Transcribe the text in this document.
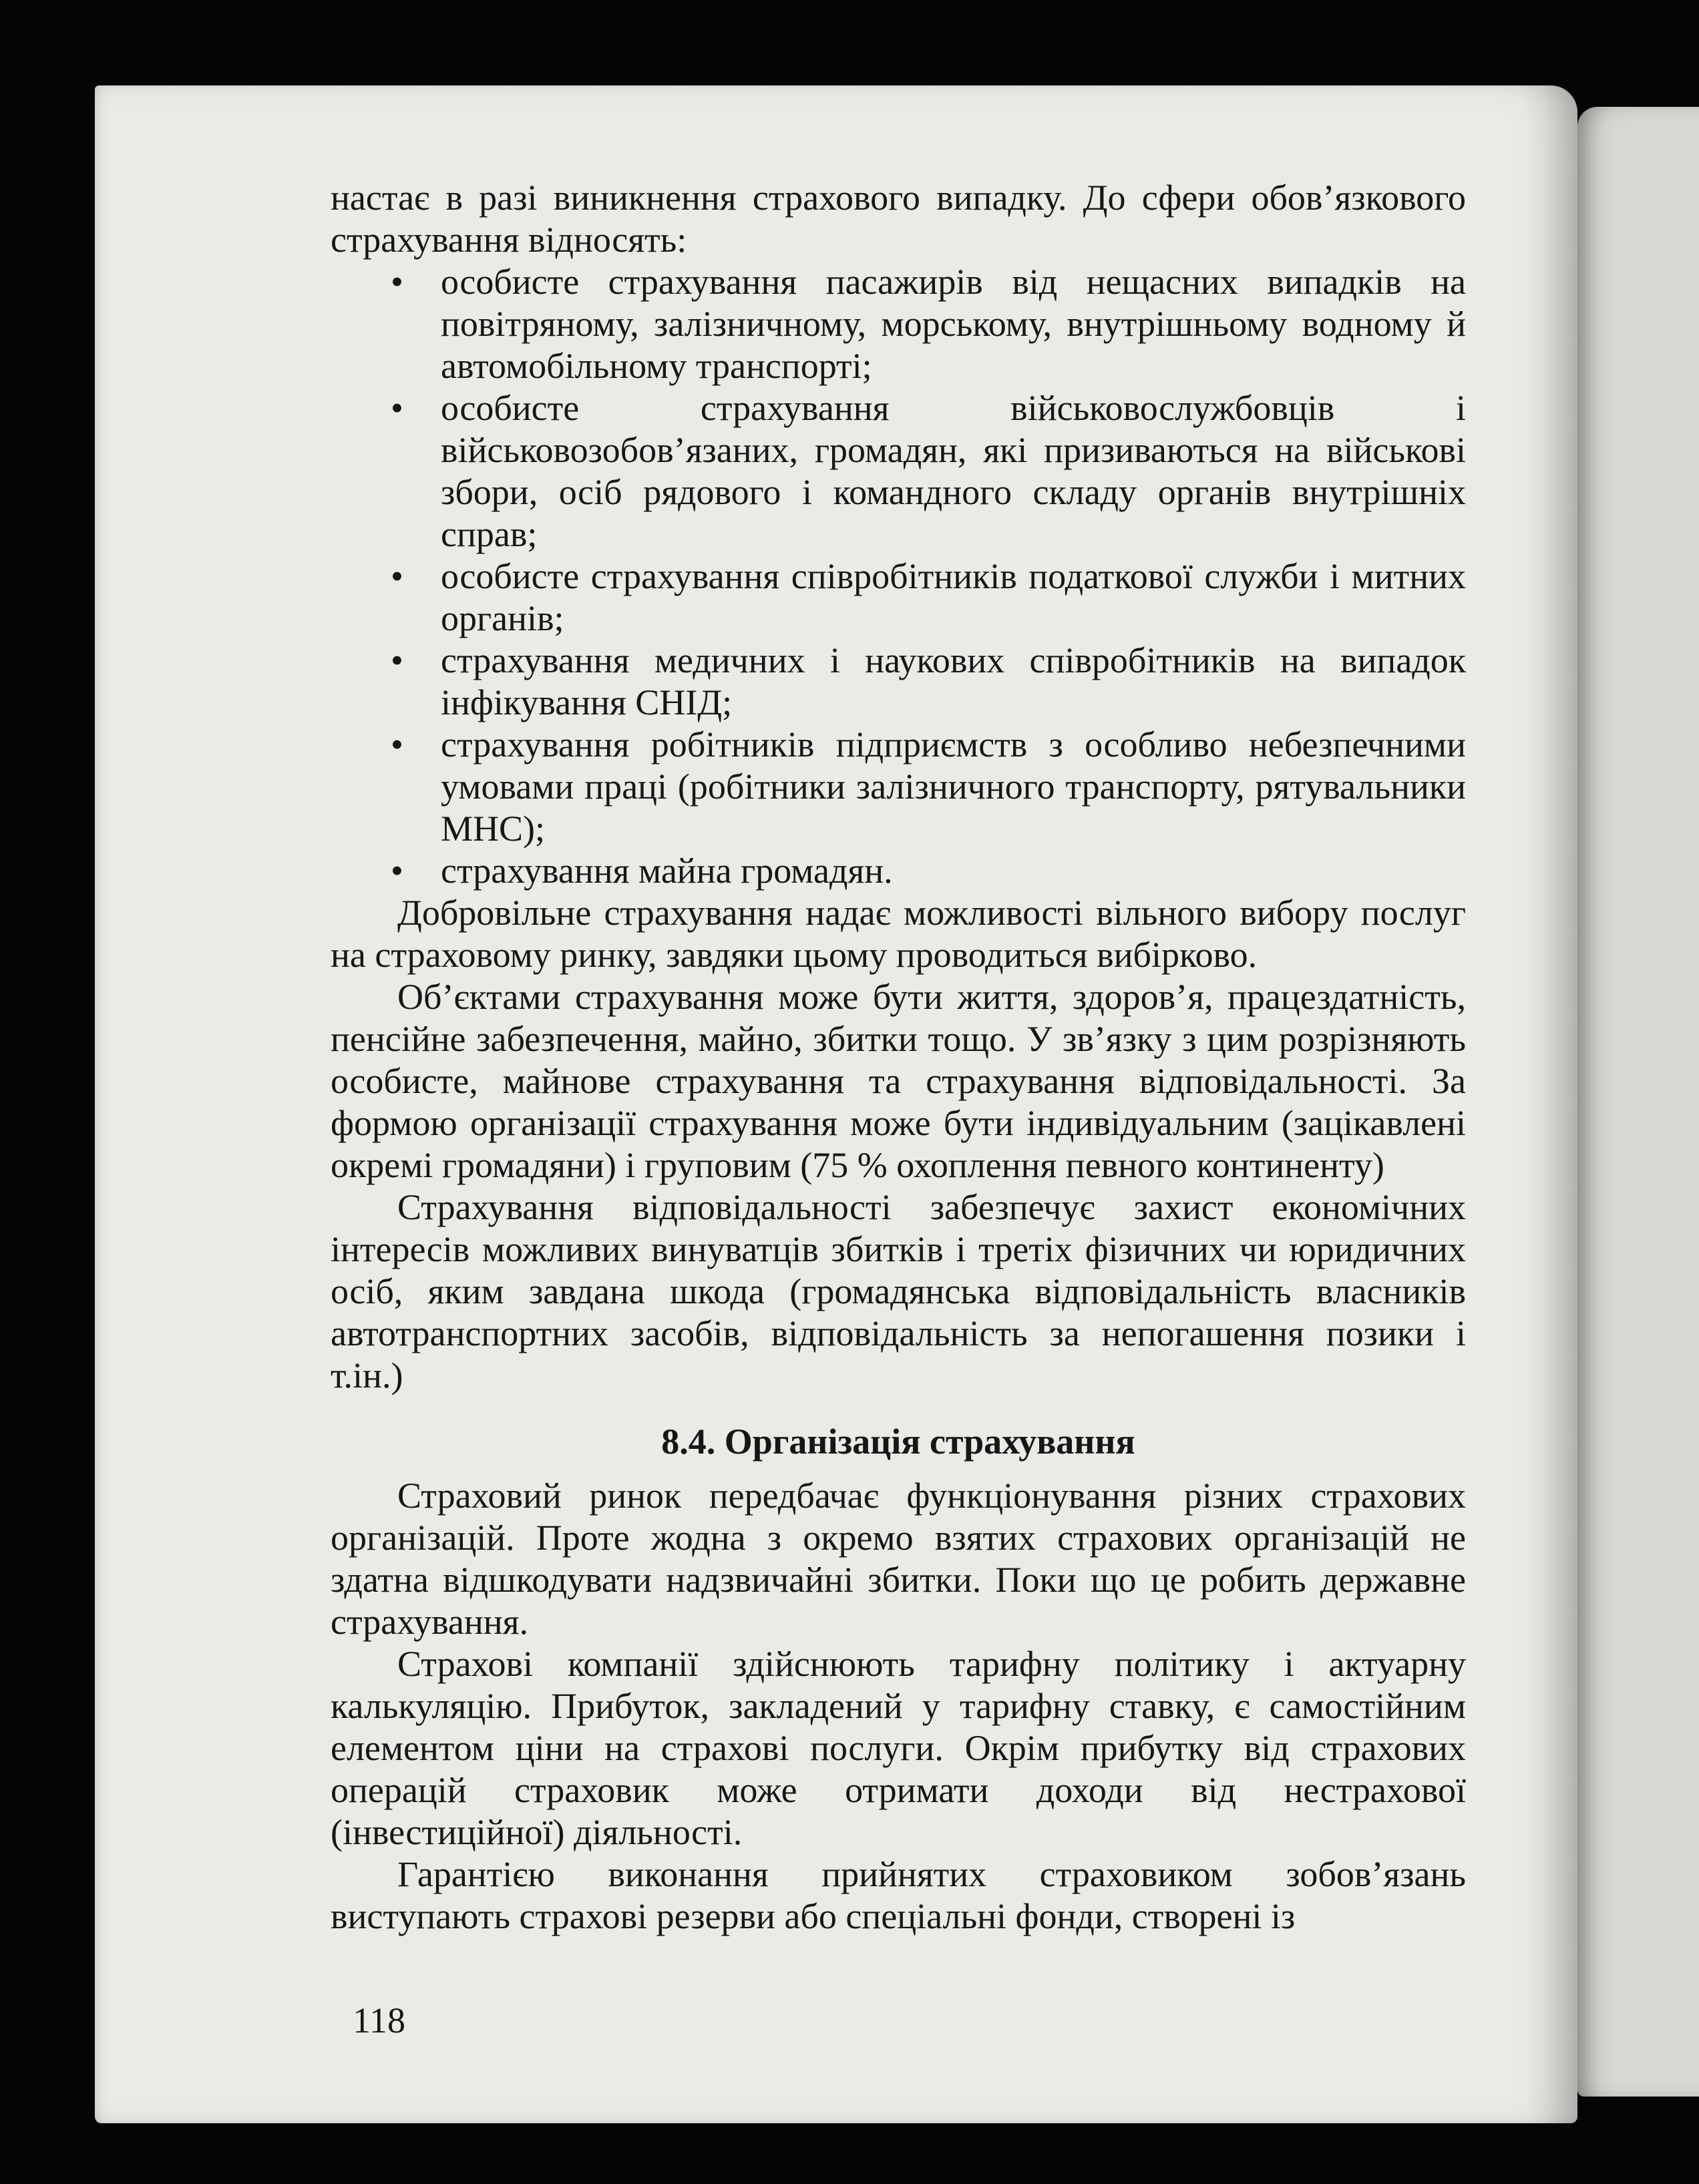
настає в разі виникнення страхового випадку. До сфери обов’язкового страхування відносять:

• особисте страхування пасажирів від нещасних випадків на повітряному, залізничному, морському, внутрішньому водному й автомобільному транспорті;
• особисте страхування військовослужбовців і військовозобов’язаних, громадян, які призиваються на військові збори, осіб рядового і командного складу органів внутрішніх справ;
• особисте страхування співробітників податкової служби і митних органів;
• страхування медичних і наукових співробітників на випадок інфікування СНІД;
• страхування робітників підприємств з особливо небезпечними умовами праці (робітники залізничного транспорту, рятувальники МНС);
• страхування майна громадян.

Добровільне страхування надає можливості вільного вибору послуг на страховому ринку, завдяки цьому проводиться вибірково.

Об’єктами страхування може бути життя, здоров’я, працездатність, пенсійне забезпечення, майно, збитки тощо. У зв’язку з цим розрізняють особисте, майнове страхування та страхування відповідальності. За формою організації страхування може бути індивідуальним (зацікавлені окремі громадяни) і груповим (75 % охоплення певного континенту)

Страхування відповідальності забезпечує захист економічних інтересів можливих винуватців збитків і третіх фізичних чи юридичних осіб, яким завдана шкода (громадянська відповідальність власників автотранспортних засобів, відповідальність за непогашення позики і т.ін.)

8.4. Організація страхування

Страховий ринок передбачає функціонування різних страхових організацій. Проте жодна з окремо взятих страхових організацій не здатна відшкодувати надзвичайні збитки. Поки що це робить державне страхування.

Страхові компанії здійснюють тарифну політику і актуарну калькуляцію. Прибуток, закладений у тарифну ставку, є самостійним елементом ціни на страхові послуги. Окрім прибутку від страхових операцій страховик може отримати доходи від нестрахової (інвестиційної) діяльності.

Гарантією виконання прийнятих страховиком зобов’язань виступають страхові резерви або спеціальні фонди, створені із

118
